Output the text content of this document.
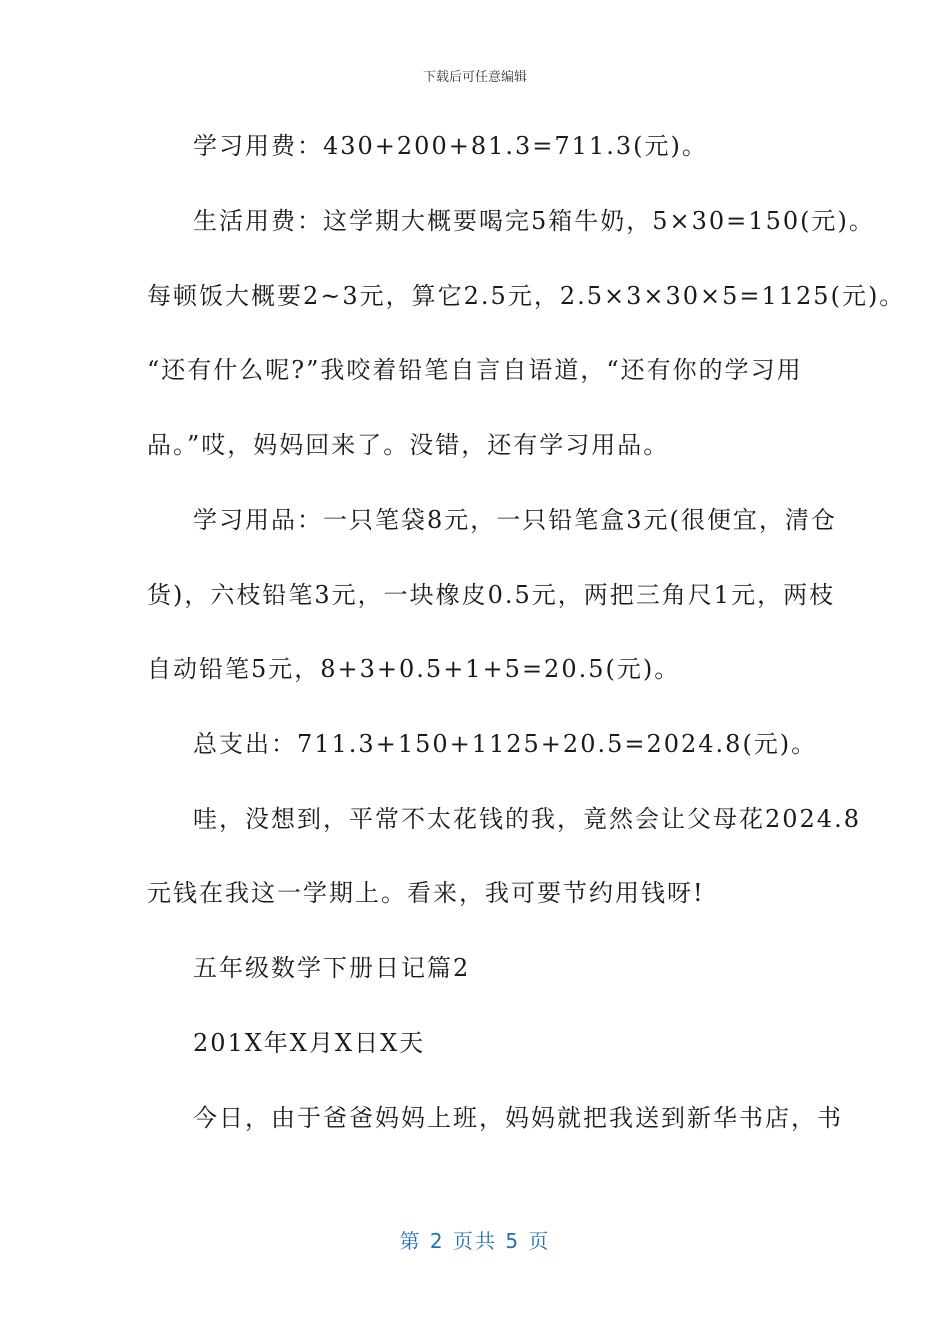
下载后可任意编辑
学习用费：430+200+81.3=711.3(元)。
生活用费：这学期大概要喝完5箱牛奶，5×30=150(元)。
每顿饭大概要2~3元，算它2.5元，2.5×3×30×5=1125(元)。
“还有什么呢?”我咬着铅笔自言自语道，“还有你的学习用
品。”哎，妈妈回来了。没错，还有学习用品。
学习用品：一只笔袋8元，一只铅笔盒3元(很便宜，清仓
货)，六枝铅笔3元，一块橡皮0.5元，两把三角尺1元，两枝
自动铅笔5元，8+3+0.5+1+5=20.5(元)。
总支出：711.3+150+1125+20.5=2024.8(元)。
哇，没想到，平常不太花钱的我，竟然会让父母花2024.8
元钱在我这一学期上。看来，我可要节约用钱呀!
五年级数学下册日记篇2
201X年X月X日X天
今日，由于爸爸妈妈上班，妈妈就把我送到新华书店，书
第 2 页共 5 页
